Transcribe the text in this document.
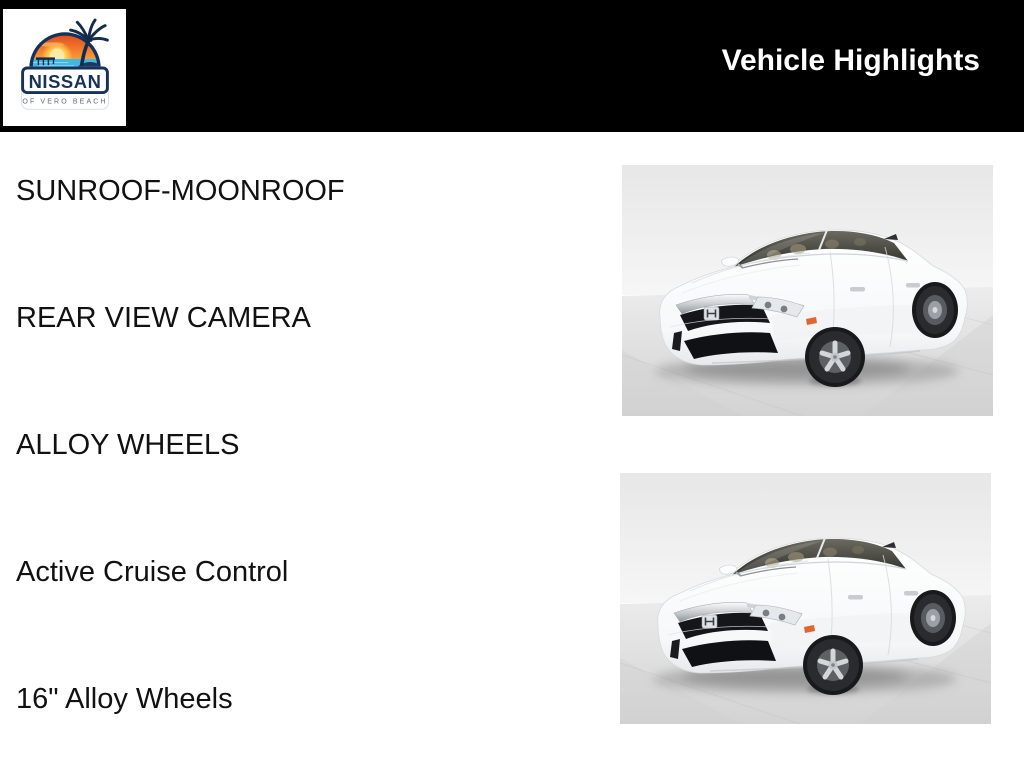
NISSAN
OF VERO BEACH
Vehicle Highlights
SUNROOF-MOONROOF
REAR VIEW CAMERA
ALLOY WHEELS
Active Cruise Control
16" Alloy Wheels
